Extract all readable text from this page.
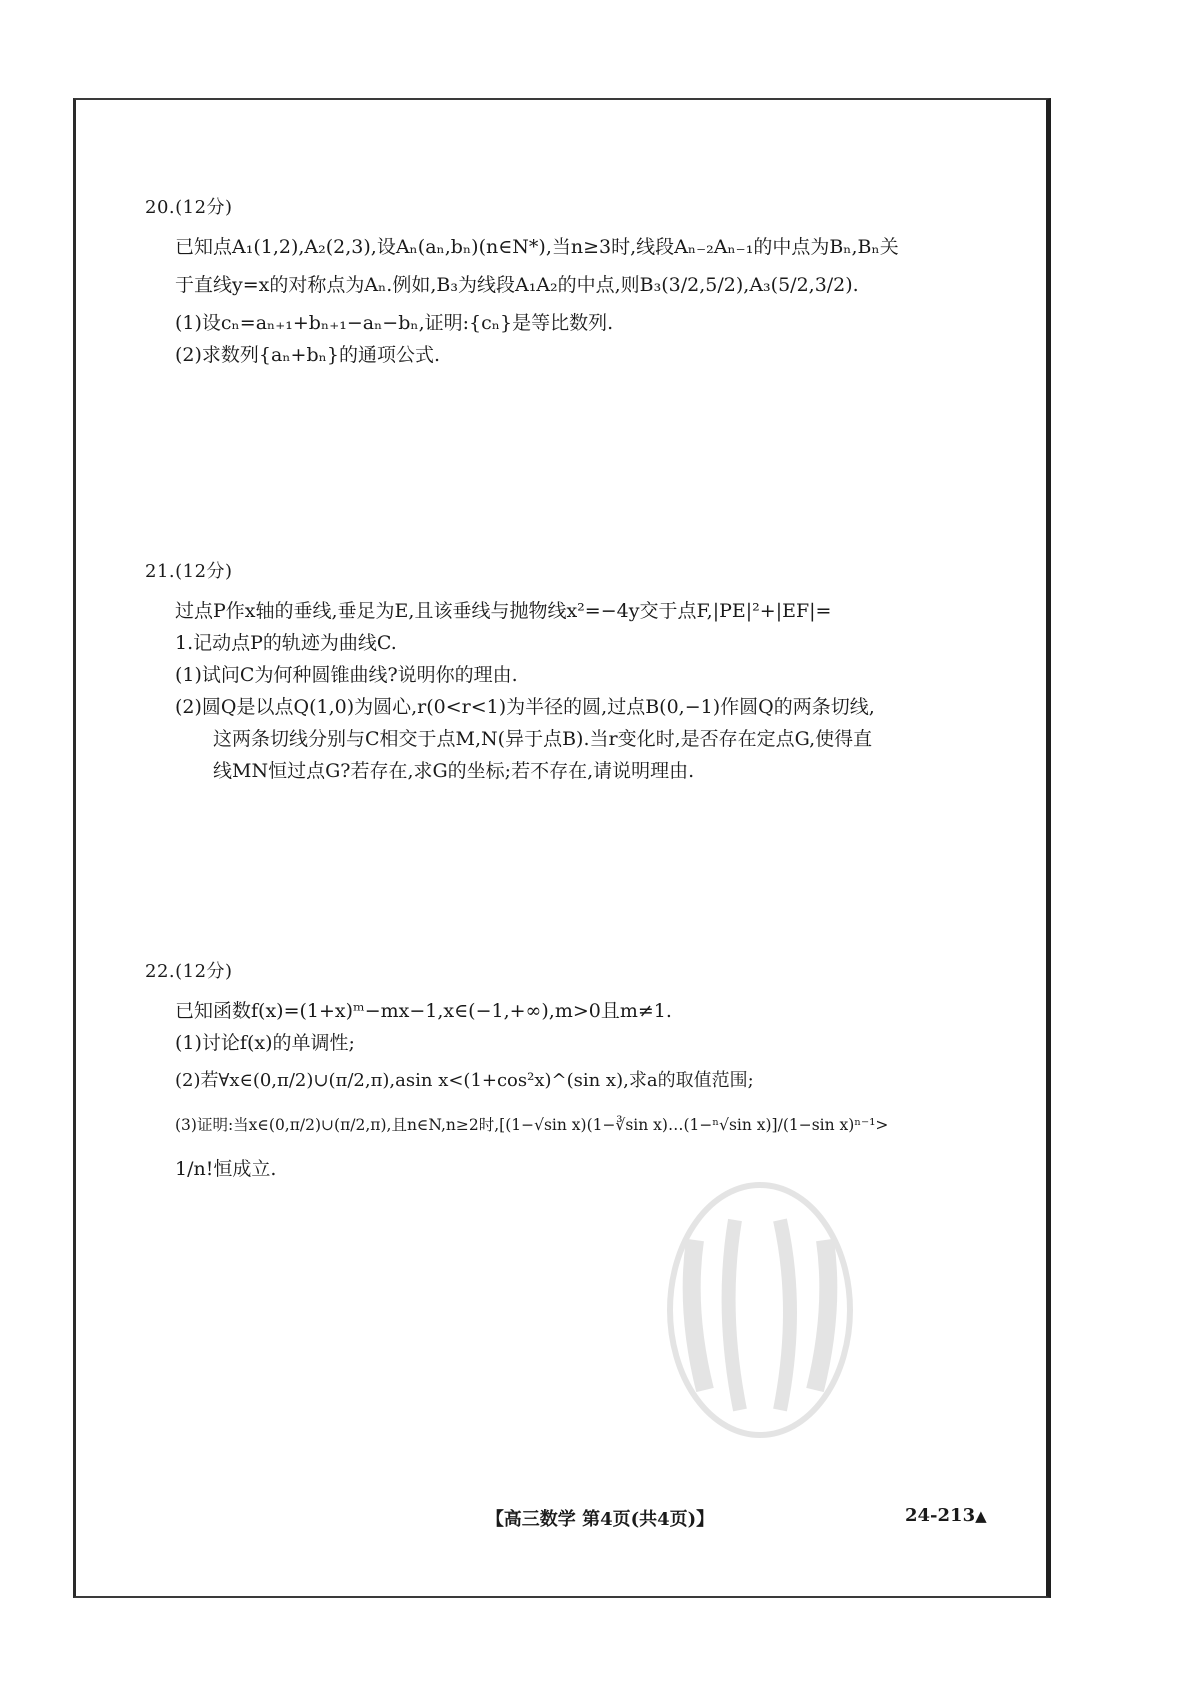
20.(12分)
已知点A₁(1,2),A₂(2,3),设Aₙ(aₙ,bₙ)(n∈N*),当n≥3时,线段Aₙ₋₂Aₙ₋₁的中点为Bₙ,Bₙ关
于直线y=x的对称点为Aₙ.例如,B₃为线段A₁A₂的中点,则B₃(3/2,5/2),A₃(5/2,3/2).
(1)设cₙ=aₙ₊₁+bₙ₊₁−aₙ−bₙ,证明:{cₙ}是等比数列.
(2)求数列{aₙ+bₙ}的通项公式.
21.(12分)
过点P作x轴的垂线,垂足为E,且该垂线与抛物线x²=−4y交于点F,|PE|²+|EF|=
1.记动点P的轨迹为曲线C.
(1)试问C为何种圆锥曲线?说明你的理由.
(2)圆Q是以点Q(1,0)为圆心,r(0<r<1)为半径的圆,过点B(0,−1)作圆Q的两条切线,
这两条切线分别与C相交于点M,N(异于点B).当r变化时,是否存在定点G,使得直
线MN恒过点G?若存在,求G的坐标;若不存在,请说明理由.
22.(12分)
已知函数f(x)=(1+x)ᵐ−mx−1,x∈(−1,+∞),m>0且m≠1.
(1)讨论f(x)的单调性;
(2)若∀x∈(0,π/2)∪(π/2,π),asin x<(1+cos²x)^(sin x),求a的取值范围;
(3)证明:当x∈(0,π/2)∪(π/2,π),且n∈N,n≥2时,[(1−√sin x)(1−∛sin x)…(1−ⁿ√sin x)]/(1−sin x)ⁿ⁻¹>
1/n!恒成立.
【高三数学 第4页(共4页)】	24-213▲
